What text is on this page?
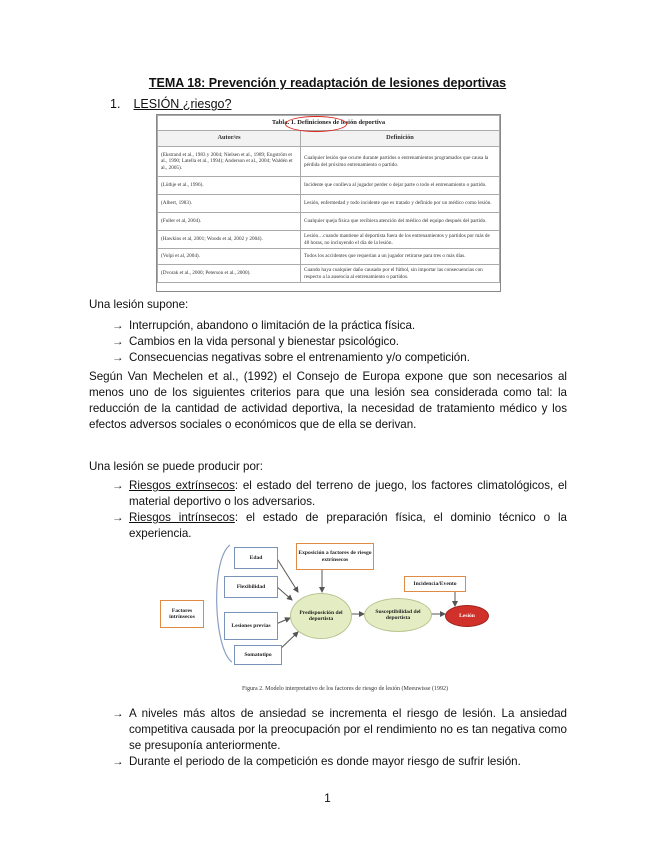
TEMA 18: Prevención y readaptación de lesiones deportivas
1. LESIÓN ¿riesgo?
Tabla. 1. Definiciones de lesión deportiva	
Autor/es	Definición
(Ekstrand et al., 1983 y 2004; Nielsen et al., 1989; Engström et al., 1990; Latella et al., 1994); Anderson et al., 2004; Waldén et al., 2005).	Cualquier lesión que ocurre durante partidos o entrenamientos programados que causa la pérdida del próximo entrenamiento o partido.
(Lüthje et al., 1996).	Incidente que conlleva al jugador perder o dejar parte o todo el entrenamiento o partido.
(Albert, 1983).	Lesión, enfermedad y todo incidente que es tratado y definido por un médico como lesión.
(Fuller et al, 2004).	Cualquier queja física que recibiera atención del médico del equipo después del partido.
(Hawkins et al, 2001; Woods et al, 2002 y 2004).	Lesión…cuando mantiene al deportista fuera de los entrenamientos y partidos por más de 48 horas, no incluyendo el día de la lesión.
(Volpi et al, 2004).	Todos los accidentes que requerían a un jugador retirarse para tres o más días.
(Dvorak et al., 2000; Peterson et al., 2000).	Cuando haya cualquier daño causado por el fútbol, sin importar las consecuencias con respecto a la ausencia al entrenamiento o partidos.
Una lesión supone:
→ Interrupción, abandono o limitación de la práctica física.
→ Cambios en la vida personal y bienestar psicológico.
→ Consecuencias negativas sobre el entrenamiento y/o competición.
Según Van Mechelen et al., (1992) el Consejo de Europa expone que son necesarios al menos uno de los siguientes criterios para que una lesión sea considerada como tal: la reducción de la cantidad de actividad deportiva, la necesidad de tratamiento médico y los efectos adversos sociales o económicos que de ella se derivan.
Una lesión se puede producir por:
→ Riesgos extrínsecos: el estado del terreno de juego, los factores climatológicos, el material deportivo o los adversarios.
→ Riesgos intrínsecos: el estado de preparación física, el dominio técnico o la experiencia.
Edad
Flexibilidad
Lesiones previas
Somatotipo
Factores intrínsecos
Exposición a factores de riesgo extrínsecos
Incidencia/Evento
Predisposición del deportista
Susceptibilidad del deportista	Lesión
Figura 2. Modelo interpretativo de los factores de riesgo de lesión (Meeuwisse (1992)
→ A niveles más altos de ansiedad se incrementa el riesgo de lesión. La ansiedad competitiva causada por la preocupación por el rendimiento no es tan negativa como se presuponía anteriormente.
→ Durante el periodo de la competición es donde mayor riesgo de sufrir lesión.
1
